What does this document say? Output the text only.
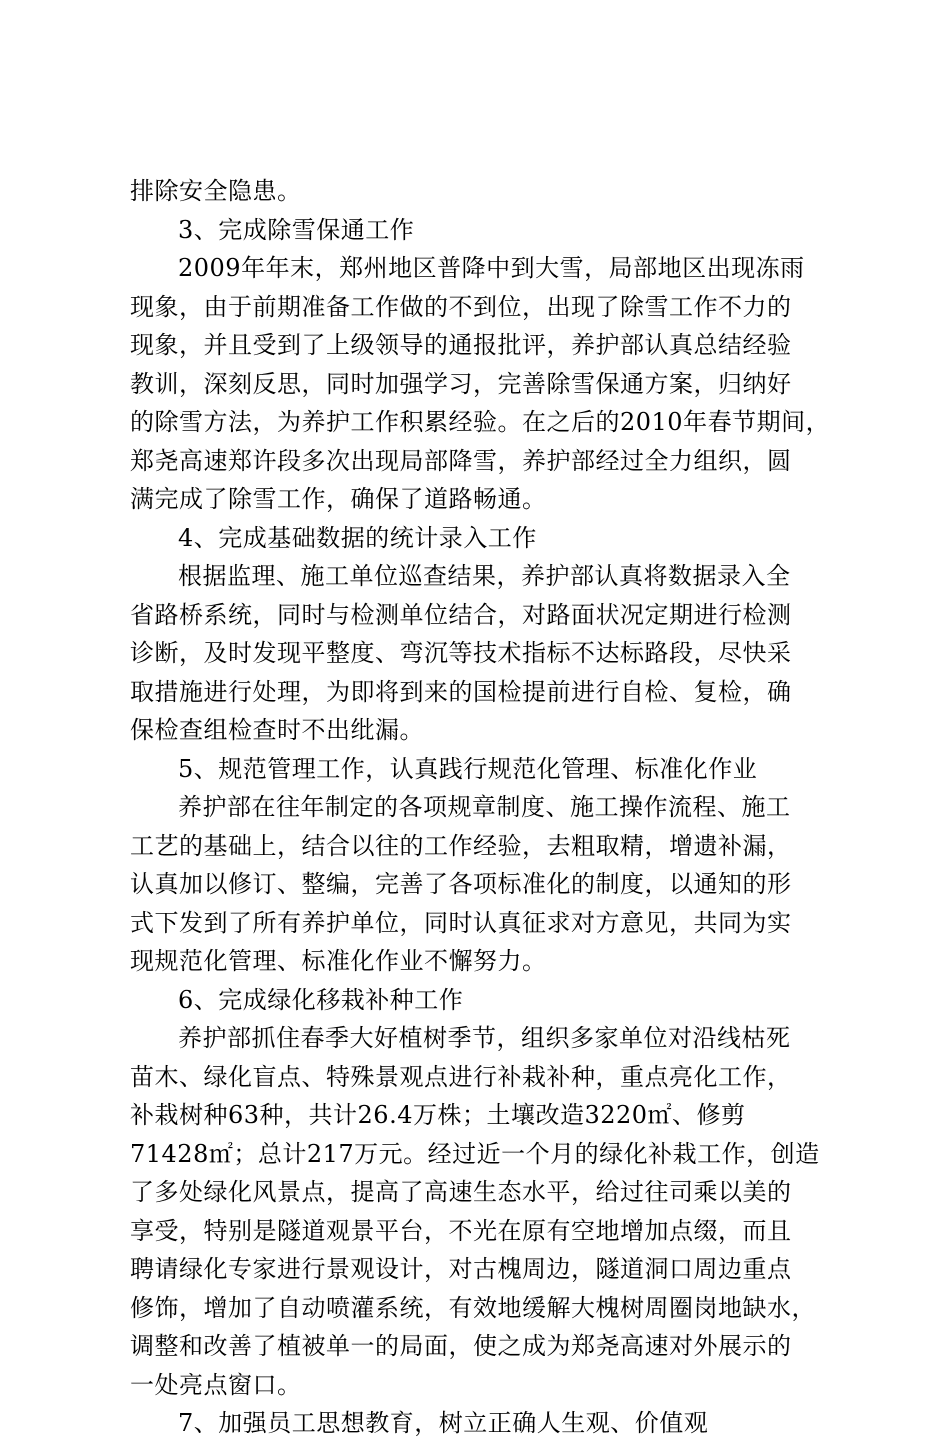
排除安全隐患。

3、完成除雪保通工作

2009年年末，郑州地区普降中到大雪，局部地区出现冻雨
现象，由于前期准备工作做的不到位，出现了除雪工作不力的
现象，并且受到了上级领导的通报批评，养护部认真总结经验
教训，深刻反思，同时加强学习，完善除雪保通方案，归纳好
的除雪方法，为养护工作积累经验。在之后的2010年春节期间，
郑尧高速郑许段多次出现局部降雪，养护部经过全力组织，圆
满完成了除雪工作，确保了道路畅通。

4、完成基础数据的统计录入工作

根据监理、施工单位巡查结果，养护部认真将数据录入全
省路桥系统，同时与检测单位结合，对路面状况定期进行检测
诊断，及时发现平整度、弯沉等技术指标不达标路段，尽快采
取措施进行处理，为即将到来的国检提前进行自检、复检，确
保检查组检查时不出纰漏。

5、规范管理工作，认真践行规范化管理、标准化作业

养护部在往年制定的各项规章制度、施工操作流程、施工
工艺的基础上，结合以往的工作经验，去粗取精，增遗补漏，
认真加以修订、整编，完善了各项标准化的制度，以通知的形
式下发到了所有养护单位，同时认真征求对方意见，共同为实
现规范化管理、标准化作业不懈努力。

6、完成绿化移栽补种工作

养护部抓住春季大好植树季节，组织多家单位对沿线枯死
苗木、绿化盲点、特殊景观点进行补栽补种，重点亮化工作，
补栽树种63种，共计26.4万株；土壤改造3220㎡、修剪
71428㎡；总计217万元。经过近一个月的绿化补栽工作，创造
了多处绿化风景点，提高了高速生态水平，给过往司乘以美的
享受，特别是隧道观景平台，不光在原有空地增加点缀，而且
聘请绿化专家进行景观设计，对古槐周边，隧道洞口周边重点
修饰，增加了自动喷灌系统，有效地缓解大槐树周圈岗地缺水，
调整和改善了植被单一的局面，使之成为郑尧高速对外展示的
一处亮点窗口。

7、加强员工思想教育，树立正确人生观、价值观
